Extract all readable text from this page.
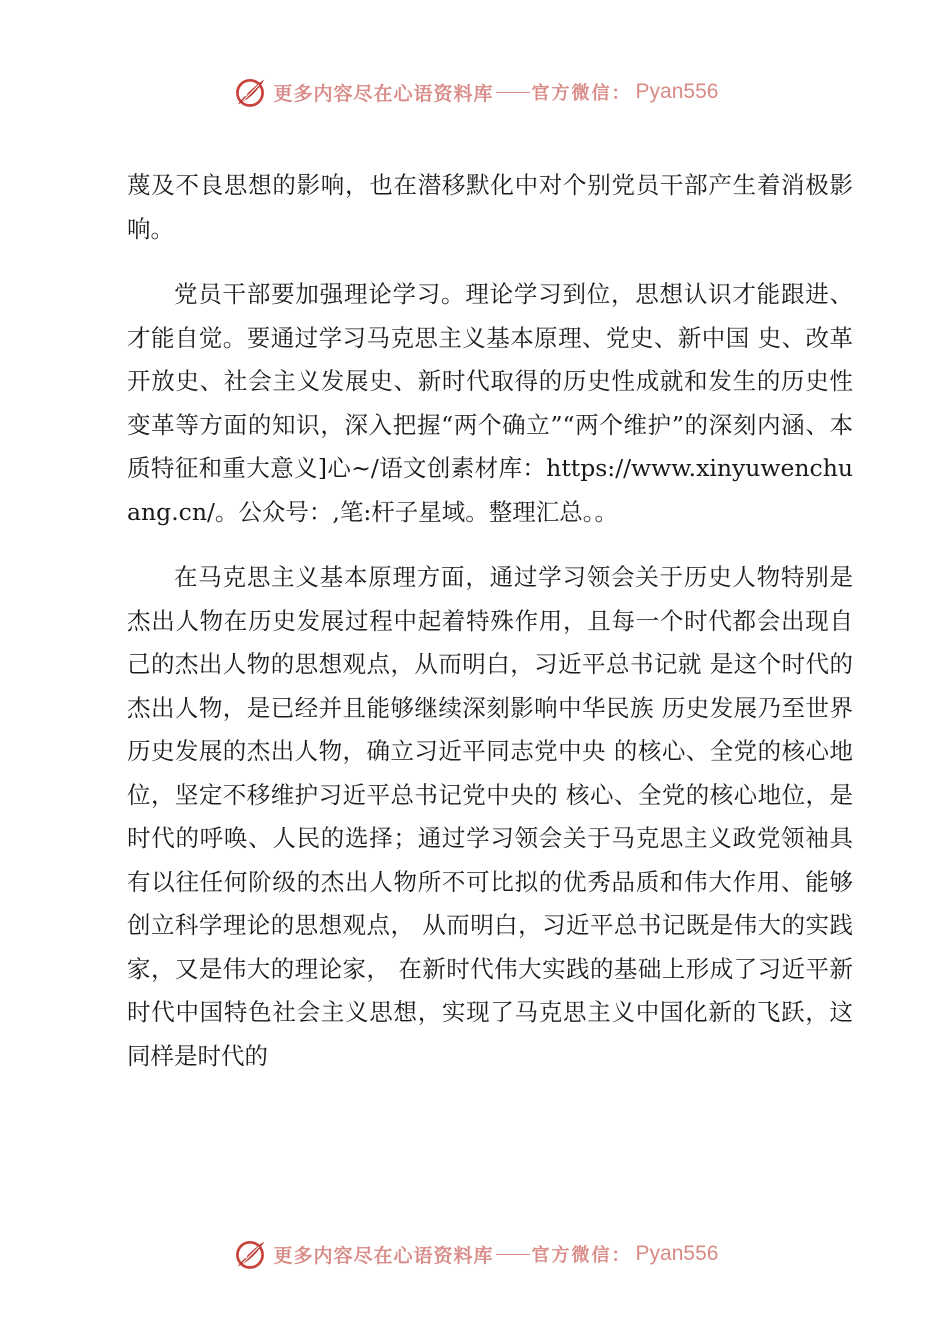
更多内容尽在心语资料库 官方微信： Pyan556

蔑及不良思想的影响，也在潜移默化中对个别党员干部产生着消极影响。

党员干部要加强理论学习。理论学习到位，思想认识才能跟进、才能自觉。要通过学习马克思主义基本原理、党史、新中国 史、改革开放史、社会主义发展史、新时代取得的历史性成就和发生的历史性变革等方面的知识，深入把握“两个确立”“两个维护”的深刻内涵、本质特征和重大意义]心~/语文创素材库：https://www.xinyuwenchuang.cn/。公众号：,笔:杆子星域。整理汇总。。

在马克思主义基本原理方面，通过学习领会关于历史人物特别是杰出人物在历史发展过程中起着特殊作用，且每一个时代都会出现自己的杰出人物的思想观点，从而明白，习近平总书记就 是这个时代的杰出人物，是已经并且能够继续深刻影响中华民族 历史发展乃至世界历史发展的杰出人物，确立习近平同志党中央 的核心、全党的核心地位，坚定不移维护习近平总书记党中央的 核心、全党的核心地位，是时代的呼唤、人民的选择；通过学习领会关于马克思主义政党领袖具有以往任何阶级的杰出人物所不可比拟的优秀品质和伟大作用、能够创立科学理论的思想观点， 从而明白，习近平总书记既是伟大的实践家，又是伟大的理论家， 在新时代伟大实践的基础上形成了习近平新时代中国特色社会主义思想，实现了马克思主义中国化新的飞跃，这同样是时代的

更多内容尽在心语资料库 官方微信： Pyan556
